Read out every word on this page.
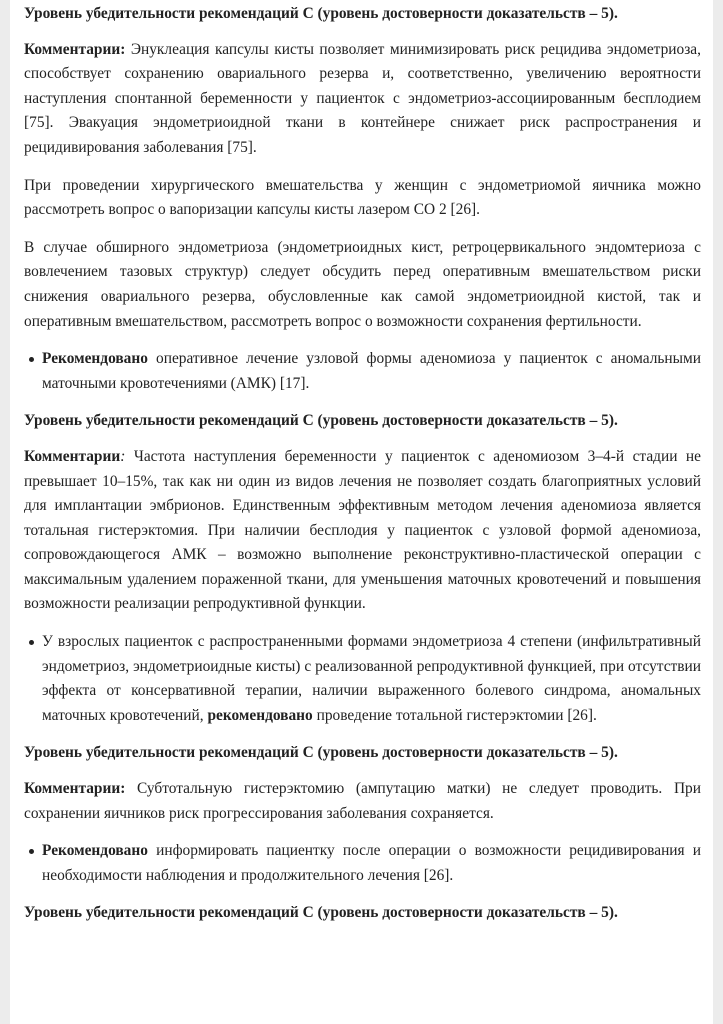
Уровень убедительности рекомендаций С (уровень достоверности доказательств – 5).

Комментарии: Энуклеация капсулы кисты позволяет минимизировать риск рецидива эндометриоза, способствует сохранению овариального резерва и, соответственно, увеличению вероятности наступления спонтанной беременности у пациенток с эндометриоз-ассоциированным бесплодием [75]. Эвакуация эндометриоидной ткани в контейнере снижает риск распространения и рецидивирования заболевания [75].

При проведении хирургического вмешательства у женщин с эндометриомой яичника можно рассмотреть вопрос о вапоризации капсулы кисты лазером CO 2 [26].

В случае обширного эндометриоза (эндометриоидных кист, ретроцервикального эндомтериоза с вовлечением тазовых структур) следует обсудить перед оперативным вмешательством риски снижения овариального резерва, обусловленные как самой эндометриоидной кистой, так и оперативным вмешательством, рассмотреть вопрос о возможности сохранения фертильности.

Рекомендовано оперативное лечение узловой формы аденомиоза у пациенток с аномальными маточными кровотечениями (АМК) [17].

Уровень убедительности рекомендаций С (уровень достоверности доказательств – 5).

Комментарии: Частота наступления беременности у пациенток с аденомиозом 3–4-й стадии не превышает 10–15%, так как ни один из видов лечения не позволяет создать благоприятных условий для имплантации эмбрионов. Единственным эффективным методом лечения аденомиоза является тотальная гистерэктомия. При наличии бесплодия у пациенток с узловой формой аденомиоза, сопровождающегося АМК – возможно выполнение реконструктивно-пластической операции с максимальным удалением пораженной ткани, для уменьшения маточных кровотечений и повышения возможности реализации репродуктивной функции.

У взрослых пациенток с распространенными формами эндометриоза 4 степени (инфильтративный эндометриоз, эндометриоидные кисты) с реализованной репродуктивной функцией, при отсутствии эффекта от консервативной терапии, наличии выраженного болевого синдрома, аномальных маточных кровотечений, рекомендовано проведение тотальной гистерэктомии [26].

Уровень убедительности рекомендаций С (уровень достоверности доказательств – 5).

Комментарии: Субтотальную гистерэктомию (ампутацию матки) не следует проводить. При сохранении яичников риск прогрессирования заболевания сохраняется.

Рекомендовано информировать пациентку после операции о возможности рецидивирования и необходимости наблюдения и продолжительного лечения [26].

Уровень убедительности рекомендаций С (уровень достоверности доказательств – 5).
